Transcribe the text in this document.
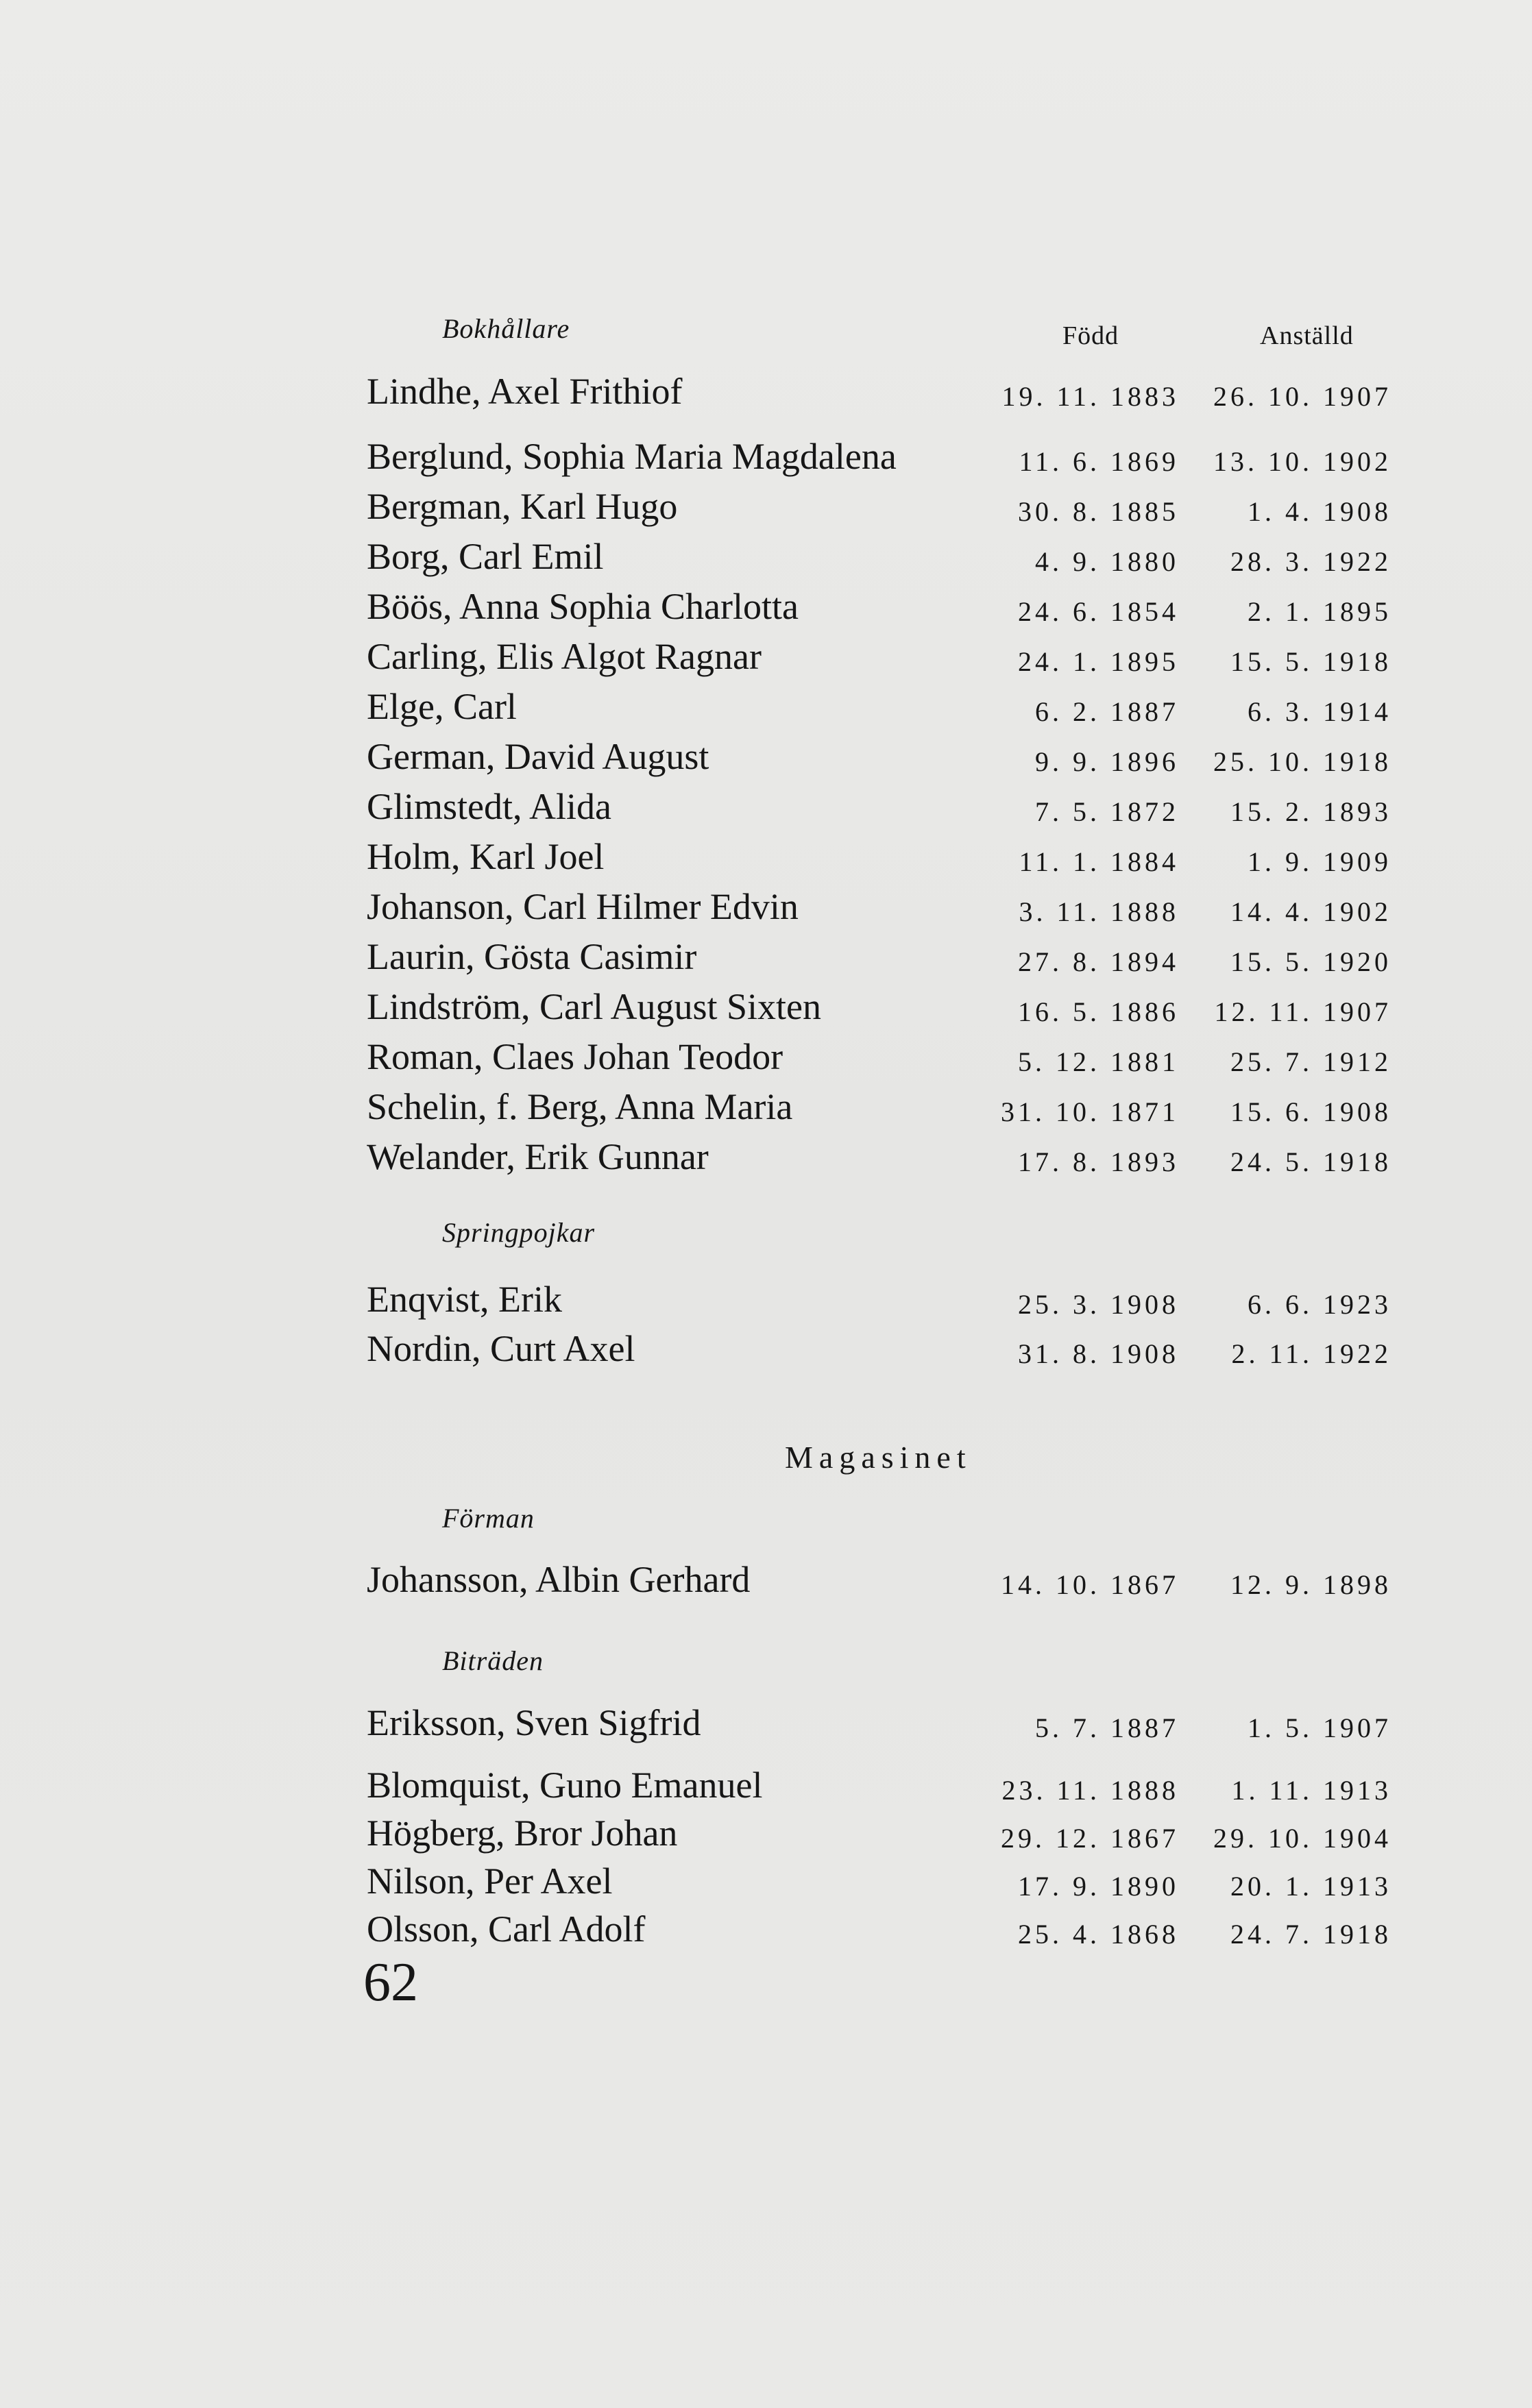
Född	Anställd
Bokhållare
Lindhe, Axel Frithiof	19. 11. 1883 26. 10. 1907
Berglund, Sophia Maria Magdalena	11. 6. 1869 13. 10. 1902
Bergman, Karl Hugo	30. 8. 1885	1. 4. 1908
Borg, Carl Emil	4. 9. 1880 28. 3. 1922
Böös, Anna Sophia Charlotta	24. 6. 1854	2. 1. 1895
Carling, Elis Algot Ragnar	24. 1. 1895 15. 5. 1918
Elge, Carl	6. 2. 1887	6. 3. 1914
German, David August	9. 9. 1896 25. 10. 1918
Glimstedt, Alida	7. 5. 1872 15. 2. 1893
Holm, Karl Joel	11. 1. 1884	1. 9. 1909
Johanson, Carl Hilmer Edvin	3. 11. 1888 14. 4. 1902
Laurin, Gösta Casimir	27. 8. 1894 15. 5. 1920
Lindström, Carl August Sixten	16. 5. 1886 12. 11. 1907
Roman, Claes Johan Teodor	5. 12. 1881 25. 7. 1912
Schelin, f. Berg, Anna Maria	31. 10. 1871 15. 6. 1908
Welander, Erik Gunnar	17. 8. 1893 24. 5. 1918
Springpojkar
Enqvist, Erik	25. 3. 1908	6. 6. 1923
Nordin, Curt Axel	31. 8. 1908 2. 11. 1922
Magasinet
Förman
Johansson, Albin Gerhard	14. 10. 1867 12. 9. 1898
Biträden
Eriksson, Sven Sigfrid	5. 7. 1887	1. 5. 1907
Blomquist, Guno Emanuel	23. 11. 1888 1. 11. 1913
Högberg, Bror Johan	29. 12. 1867 29. 10. 1904
Nilson, Per Axel	17. 9. 1890 20. 1. 1913
Olsson, Carl Adolf	25. 4. 1868 24. 7. 1918
62
